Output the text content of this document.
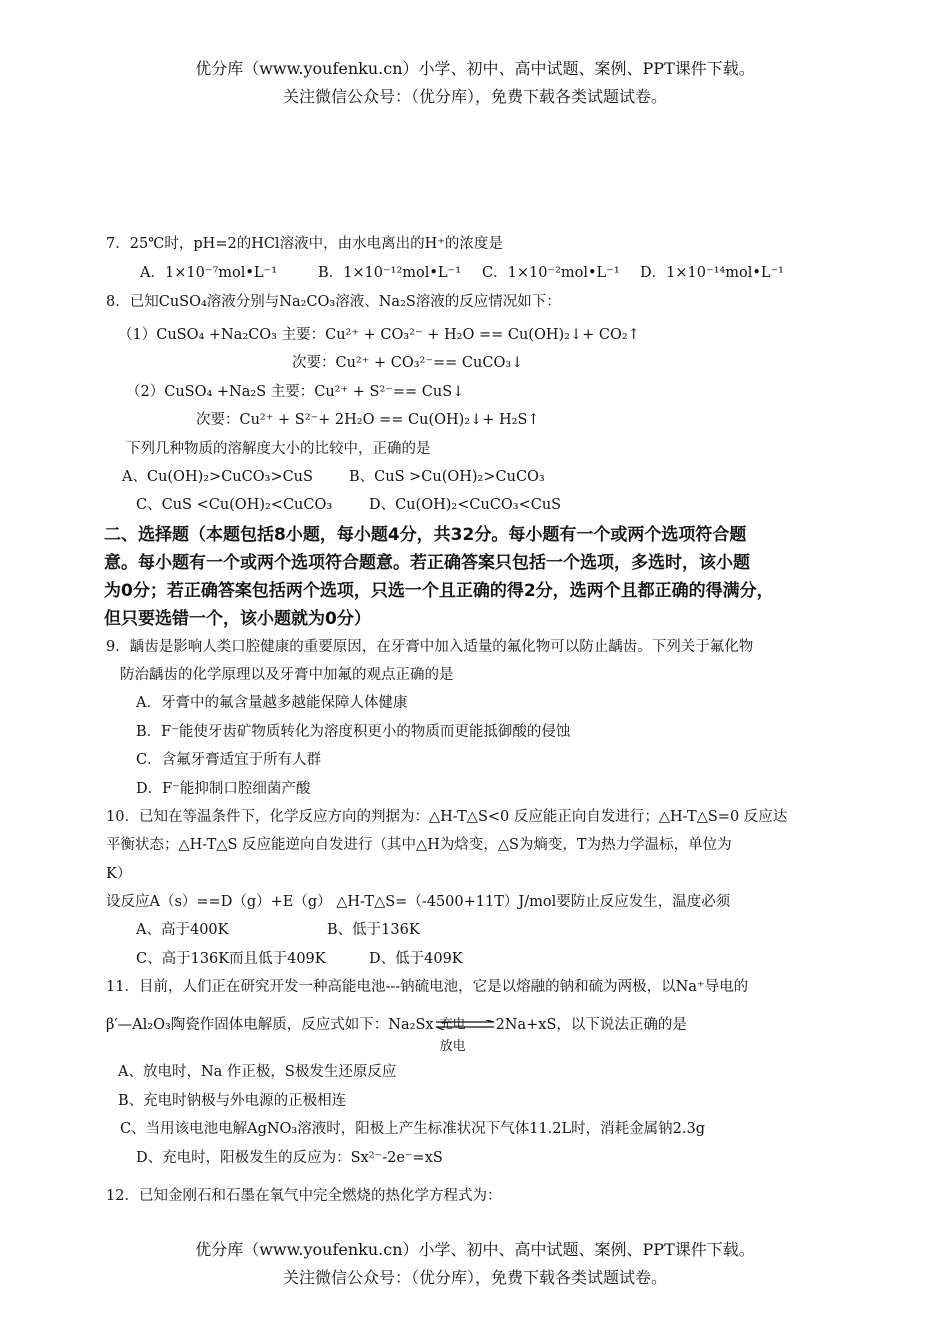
优分库（www.youfenku.cn）小学、初中、高中试题、案例、PPT课件下载。
关注微信公众号：（优分库），免费下载各类试题试卷。
7．25℃时，pH=2的HCl溶液中，由水电离出的H⁺的浓度是
A．1×10⁻⁷mol•L⁻¹	B．1×10⁻¹²mol•L⁻¹ C．1×10⁻²mol•L⁻¹ D．1×10⁻¹⁴mol•L⁻¹
8．已知CuSO₄溶液分别与Na₂CO₃溶液、Na₂S溶液的反应情况如下：
（1）CuSO₄ +Na₂CO₃ 主要：Cu²⁺ + CO₃²⁻ + H₂O == Cu(OH)₂↓+ CO₂↑
次要：Cu²⁺ + CO₃²⁻== CuCO₃↓
（2）CuSO₄ +Na₂S 主要：Cu²⁺ + S²⁻== CuS↓
次要：Cu²⁺ + S²⁻+ 2H₂O == Cu(OH)₂↓+ H₂S↑
下列几种物质的溶解度大小的比较中，正确的是
A、Cu(OH)₂>CuCO₃>CuS B、CuS >Cu(OH)₂>CuCO₃
C、CuS <Cu(OH)₂<CuCO₃	D、Cu(OH)₂<CuCO₃<CuS
二、选择题（本题包括8小题，每小题4分，共32分。每小题有一个或两个选项符合题
意。每小题有一个或两个选项符合题意。若正确答案只包括一个选项，多选时，该小题
为0分；若正确答案包括两个选项，只选一个且正确的得2分，选两个且都正确的得满分，
但只要选错一个，该小题就为0分）
9．龋齿是影响人类口腔健康的重要原因，在牙膏中加入适量的氟化物可以防止龋齿。下列关于氟化物
防治龋齿的化学原理以及牙膏中加氟的观点正确的是
A．牙膏中的氟含量越多越能保障人体健康
B．F⁻能使牙齿矿物质转化为溶度积更小的物质而更能抵御酸的侵蚀
C．含氟牙膏适宜于所有人群
D．F⁻能抑制口腔细菌产酸
10．已知在等温条件下，化学反应方向的判据为：△H-T△S<0 反应能正向自发进行；△H-T△S=0 反应达
平衡状态；△H-T△S 反应能逆向自发进行（其中△H为焓变，△S为熵变，T为热力学温标，单位为
K）
设反应A（s）==D（g）+E（g） △H-T△S=（-4500+11T）J/mol要防止反应发生，温度必须
A、高于400K	B、低于136K
C、高于136K而且低于409K	D、低于409K
11．目前，人们正在研究开发一种高能电池---钠硫电池，它是以熔融的钠和硫为两极，以Na⁺导电的
β′—Al₂O₃陶瓷作固体电解质，反应式如下：Na₂Sx 充电
放电
2Na+xS，以下说法正确的是
A、放电时，Na 作正极，S极发生还原反应
B、充电时钠极与外电源的正极相连
C、当用该电池电解AgNO₃溶液时，阳极上产生标准状况下气体11.2L时，消耗金属钠2.3g
D、充电时，阳极发生的反应为：Sx²⁻-2e⁻=xS
12．已知金刚石和石墨在氧气中完全燃烧的热化学方程式为：
优分库（www.youfenku.cn）小学、初中、高中试题、案例、PPT课件下载。
关注微信公众号：（优分库），免费下载各类试题试卷。
